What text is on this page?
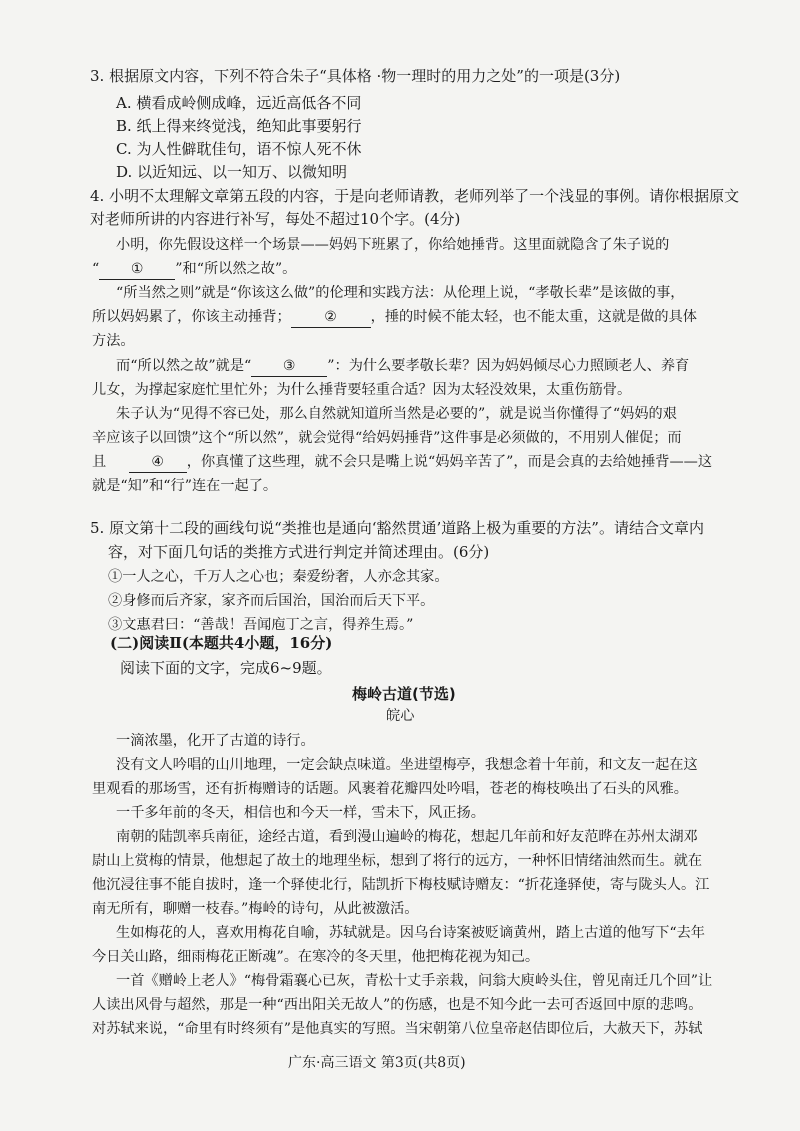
3. 根据原文内容，下列不符合朱子“具体格 ·物一理时的用力之处”的一项是(3分)
A. 横看成岭侧成峰，远近高低各不同
B. 纸上得来终觉浅，绝知此事要躬行
C. 为人性僻耽佳句，语不惊人死不休
D. 以近知远、以一知万、以微知明
4. 小明不太理解文章第五段的内容，于是向老师请教，老师列举了一个浅显的事例。请你根据原文
对老师所讲的内容进行补写，每处不超过10个字。(4分)
小明，你先假设这样一个场景——妈妈下班累了，你给她捶背。这里面就隐含了朱子说的
“ ① ”和“所以然之故”。
“所当然之则”就是“你该这么做”的伦理和实践方法：从伦理上说，“孝敬长辈”是该做的事，
所以妈妈累了，你该主动捶背； ② ，捶的时候不能太轻，也不能太重，这就是做的具体
方法。
而“所以然之故”就是“ ③ ”：为什么要孝敬长辈？因为妈妈倾尽心力照顾老人、养育
儿女，为撑起家庭忙里忙外；为什么捶背要轻重合适？因为太轻没效果，太重伤筋骨。
朱子认为“见得不容已处，那么自然就知道所当然是必要的”，就是说当你懂得了“妈妈的艰
辛应该子以回馈”这个“所以然”，就会觉得“给妈妈捶背”这件事是必须做的，不用别人催促；而
且	④ ，你真懂了这些理，就不会只是嘴上说“妈妈辛苦了”，而是会真的去给她捶背——这
就是“知”和“行”连在一起了。
5. 原文第十二段的画线句说“类推也是通向‘豁然贯通’道路上极为重要的方法”。请结合文章内
容，对下面几句话的类推方式进行判定并简述理由。(6分)
①一人之心，千万人之心也；秦爱纷奢，人亦念其家。
②身修而后齐家，家齐而后国治，国治而后天下平。
③文惠君曰：“善哉！吾闻庖丁之言，得养生焉。”
(二)阅读Ⅱ(本题共4小题，16分)
阅读下面的文字，完成6~9题。
梅岭古道(节选)
皖心
一滴浓墨，化开了古道的诗行。
没有文人吟唱的山川地理，一定会缺点味道。坐进望梅亭，我想念着十年前，和文友一起在这
里观看的那场雪，还有折梅赠诗的话题。风裹着花瓣四处吟唱，苍老的梅枝唤出了石头的风雅。
一千多年前的冬天，相信也和今天一样，雪未下，风正扬。
南朝的陆凯率兵南征，途经古道，看到漫山遍岭的梅花，想起几年前和好友范晔在苏州太湖邓
尉山上赏梅的情景，他想起了故土的地理坐标，想到了将行的远方，一种怀旧情绪油然而生。就在
他沉浸往事不能自拔时，逢一个驿使北行，陆凯折下梅枝赋诗赠友：“折花逢驿使，寄与陇头人。江
南无所有，聊赠一枝春。”梅岭的诗句，从此被激活。
生如梅花的人，喜欢用梅花自喻，苏轼就是。因乌台诗案被贬谪黄州，踏上古道的他写下“去年
今日关山路，细雨梅花正断魂”。在寒冷的冬天里，他把梅花视为知己。
一首《赠岭上老人》“梅骨霜襄心已灰，青松十丈手亲栽，问翁大庾岭头住，曾见南迁几个回”让
人读出风骨与超然，那是一种“西出阳关无故人”的伤感，也是不知今此一去可否返回中原的悲鸣。
对苏轼来说，“命里有时终须有”是他真实的写照。当宋朝第八位皇帝赵佶即位后，大赦天下，苏轼
广东·高三语文 第3页(共8页)
